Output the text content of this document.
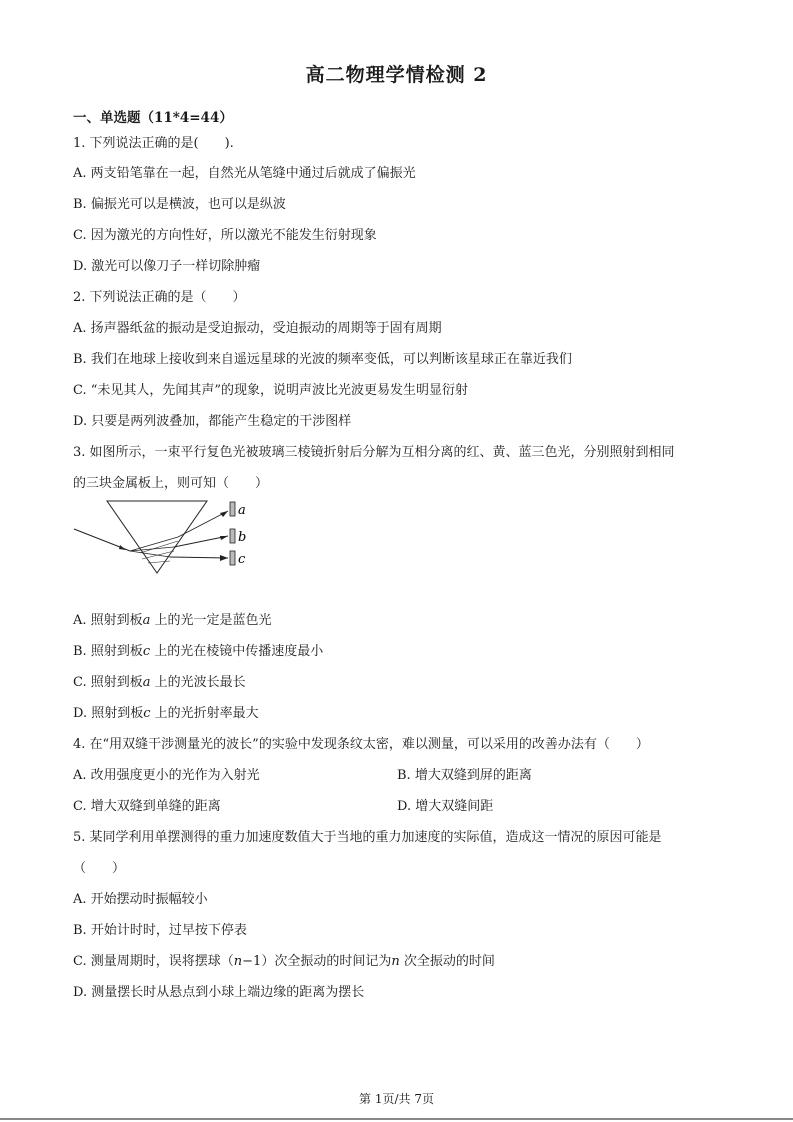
高二物理学情检测 2
一、单选题（11*4=44）
1. 下列说法正确的是(　　).
A. 两支铅笔靠在一起，自然光从笔缝中通过后就成了偏振光
B. 偏振光可以是横波，也可以是纵波
C. 因为激光的方向性好，所以激光不能发生衍射现象
D. 激光可以像刀子一样切除肿瘤
2. 下列说法正确的是（　　）
A. 扬声器纸盆的振动是受迫振动，受迫振动的周期等于固有周期
B. 我们在地球上接收到来自遥远星球的光波的频率变低，可以判断该星球正在靠近我们
C. “未见其人，先闻其声”的现象，说明声波比光波更易发生明显衍射
D. 只要是两列波叠加，都能产生稳定的干涉图样
3. 如图所示，一束平行复色光被玻璃三棱镜折射后分解为互相分离的红、黄、蓝三色光，分别照射到相同
的三块金属板上，则可知（　　）
a
b
c
A. 照射到板a 上的光一定是蓝色光
B. 照射到板c 上的光在棱镜中传播速度最小
C. 照射到板a 上的光波长最长
D. 照射到板c 上的光折射率最大
4. 在“用双缝干涉测量光的波长”的实验中发现条纹太密，难以测量，可以采用的改善办法有（　　）
A. 改用强度更小的光作为入射光	B. 增大双缝到屏的距离
C. 增大双缝到单缝的距离	D. 增大双缝间距
5. 某同学利用单摆测得的重力加速度数值大于当地的重力加速度的实际值，造成这一情况的原因可能是
（　　）
A. 开始摆动时振幅较小
B. 开始计时时，过早按下停表
C. 测量周期时，误将摆球（n−1）次全振动的时间记为n 次全振动的时间
D. 测量摆长时从悬点到小球上端边缘的距离为摆长
第 1页/共 7页
